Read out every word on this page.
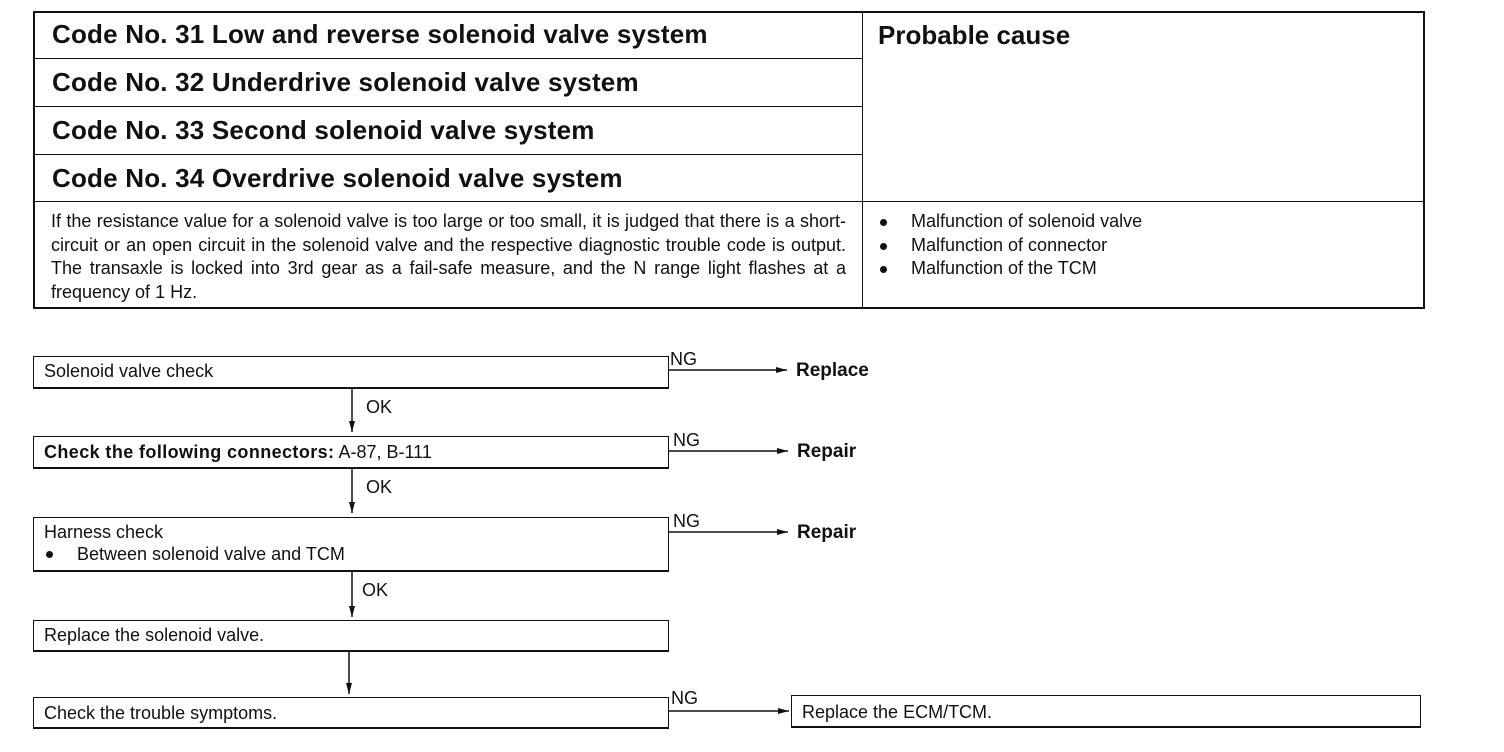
Code No. 31 Low and reverse solenoid valve system
Code No. 32 Underdrive solenoid valve system
Code No. 33 Second solenoid valve system
Code No. 34 Overdrive solenoid valve system
Probable cause
If the resistance value for a solenoid valve is too large or too small, it is judged that there is a short-circuit or an open circuit in the solenoid valve and the respective diagnostic trouble code is output. The transaxle is locked into 3rd gear as a fail-safe measure, and the N range light flashes at a frequency of 1 Hz.
Malfunction of solenoid valve
Malfunction of connector
Malfunction of the TCM
Solenoid valve check
NG
Replace
OK
Check the following connectors: A-87, B-111
NG
Repair
OK
Harness check
Between solenoid valve and TCM
NG
Repair
OK
Replace the solenoid valve.
Check the trouble symptoms.
NG
Replace the ECM/TCM.
